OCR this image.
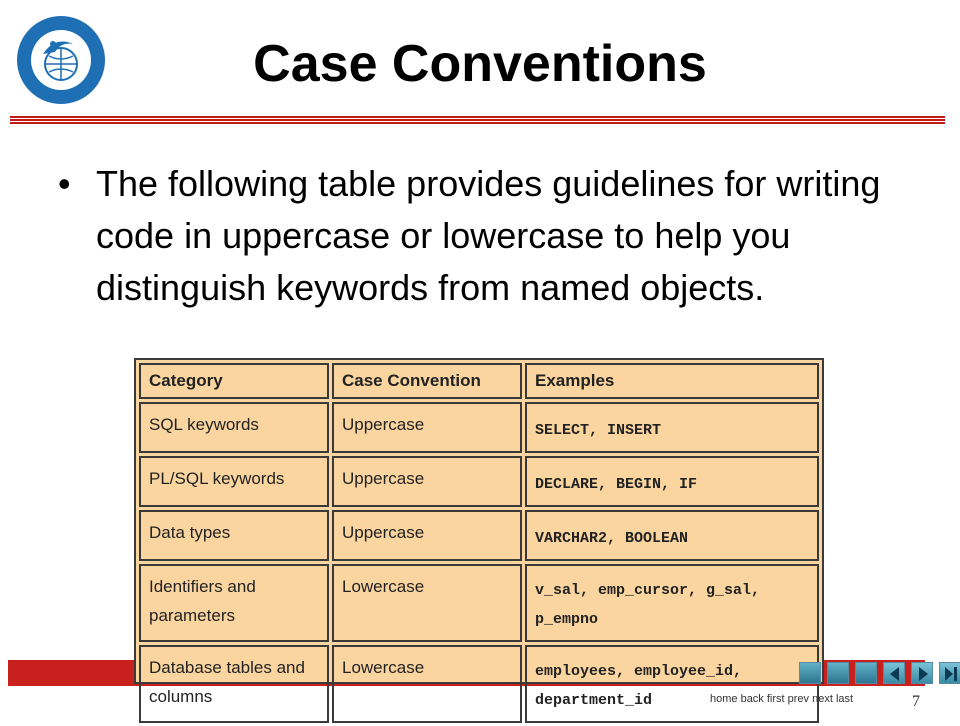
Case Conventions
• The following table provides guidelines for writing code in uppercase or lowercase to help you distinguish keywords from named objects.
Category	Case Convention	Examples
SQL keywords	Uppercase	SELECT, INSERT
PL/SQL keywords	Uppercase	DECLARE, BEGIN, IF
Data types	Uppercase	VARCHAR2, BOOLEAN
Identifiers and parameters	Lowercase	v_sal, emp_cursor, g_sal, p_empno
Database tables and columns	Lowercase	employees, employee_id, department_id	home back first prev next last	7
